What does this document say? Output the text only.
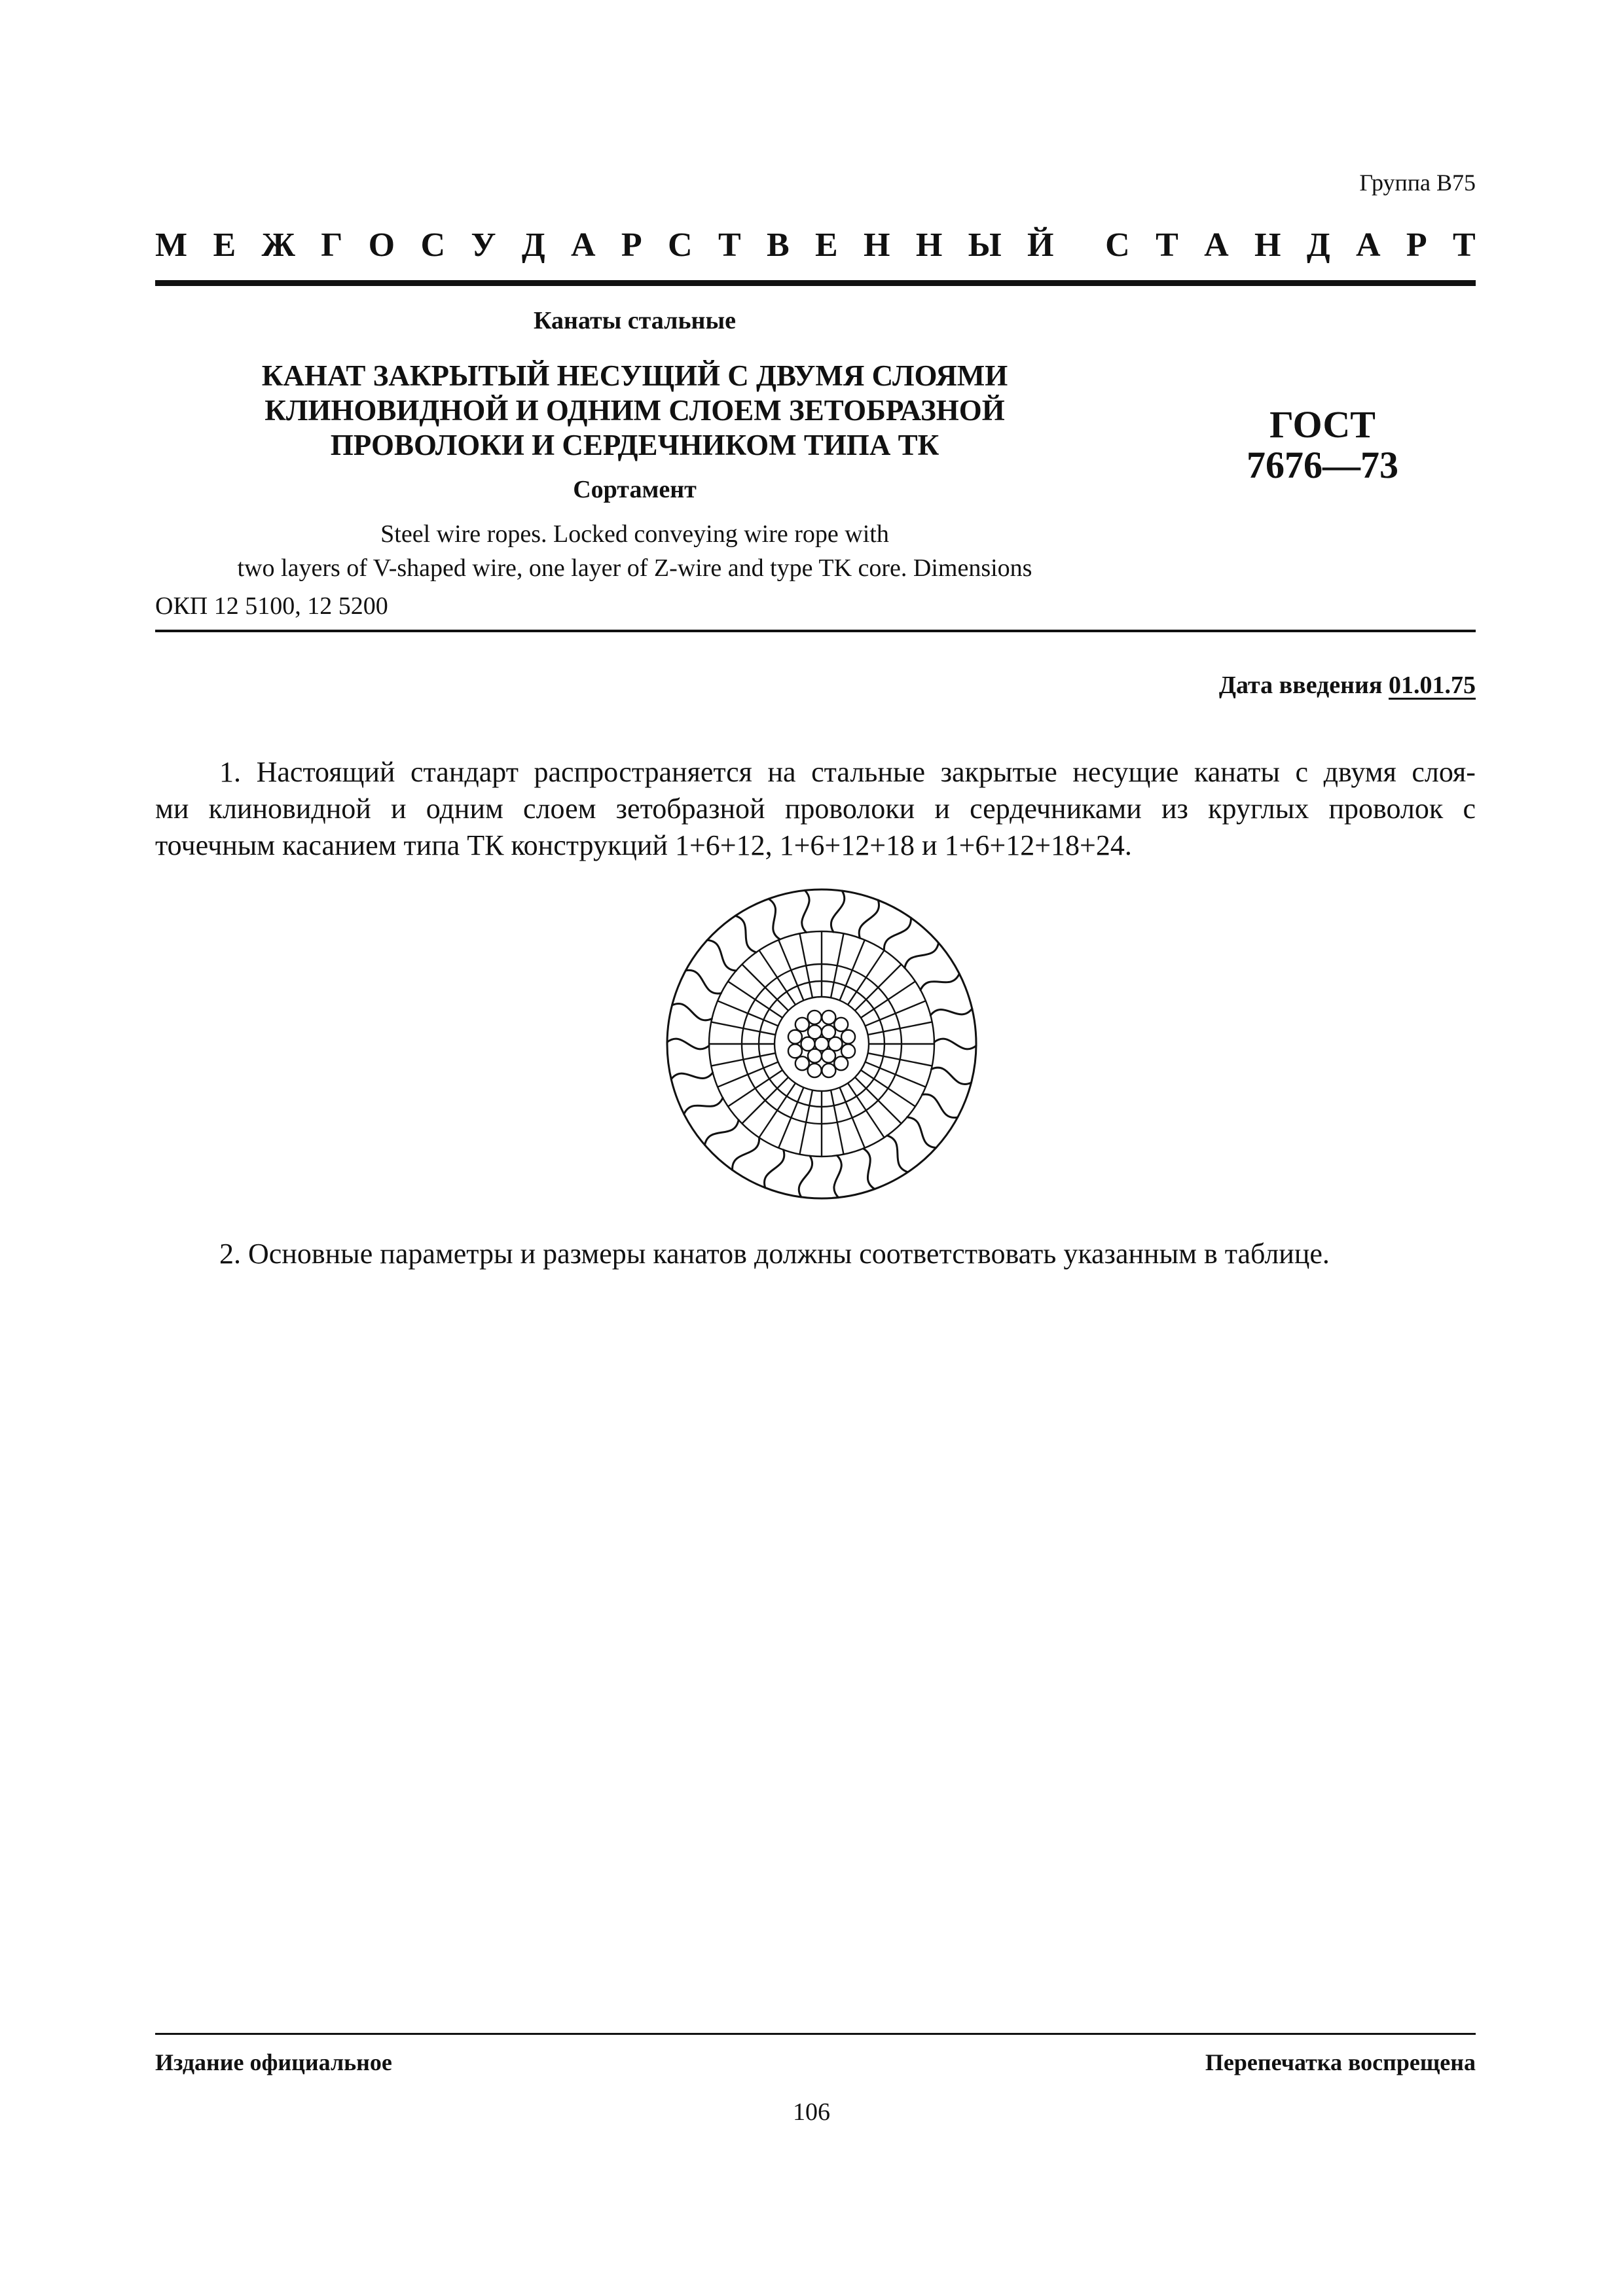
Группа В75
М Е Ж Г О С У Д А Р С Т В Е Н Н Ы Й С Т А Н Д А Р Т
Канаты стальные
КАНАТ ЗАКРЫТЫЙ НЕСУЩИЙ С ДВУМЯ СЛОЯМИ
КЛИНОВИДНОЙ И ОДНИМ СЛОЕМ ЗЕТОБРАЗНОЙ
ПРОВОЛОКИ И СЕРДЕЧНИКОМ ТИПА ТК
Сортамент
Steel wire ropes. Locked conveying wire rope with
two layers of V-shaped wire, one layer of Z-wire and type TK core. Dimensions
ОКП 12 5100, 12 5200
ГОСТ
7676—73
Дата введения 01.01.75
1. Настоящий стандарт распространяется на стальные закрытые несущие канаты с двумя слоя-
ми клиновидной и одним слоем зетобразной проволоки и сердечниками из круглых проволок с
точечным касанием типа ТК конструкций 1+6+12, 1+6+12+18 и 1+6+12+18+24.
2. Основные параметры и размеры канатов должны соответствовать указанным в таблице.
Издание официальное	Перепечатка воспрещена
106
